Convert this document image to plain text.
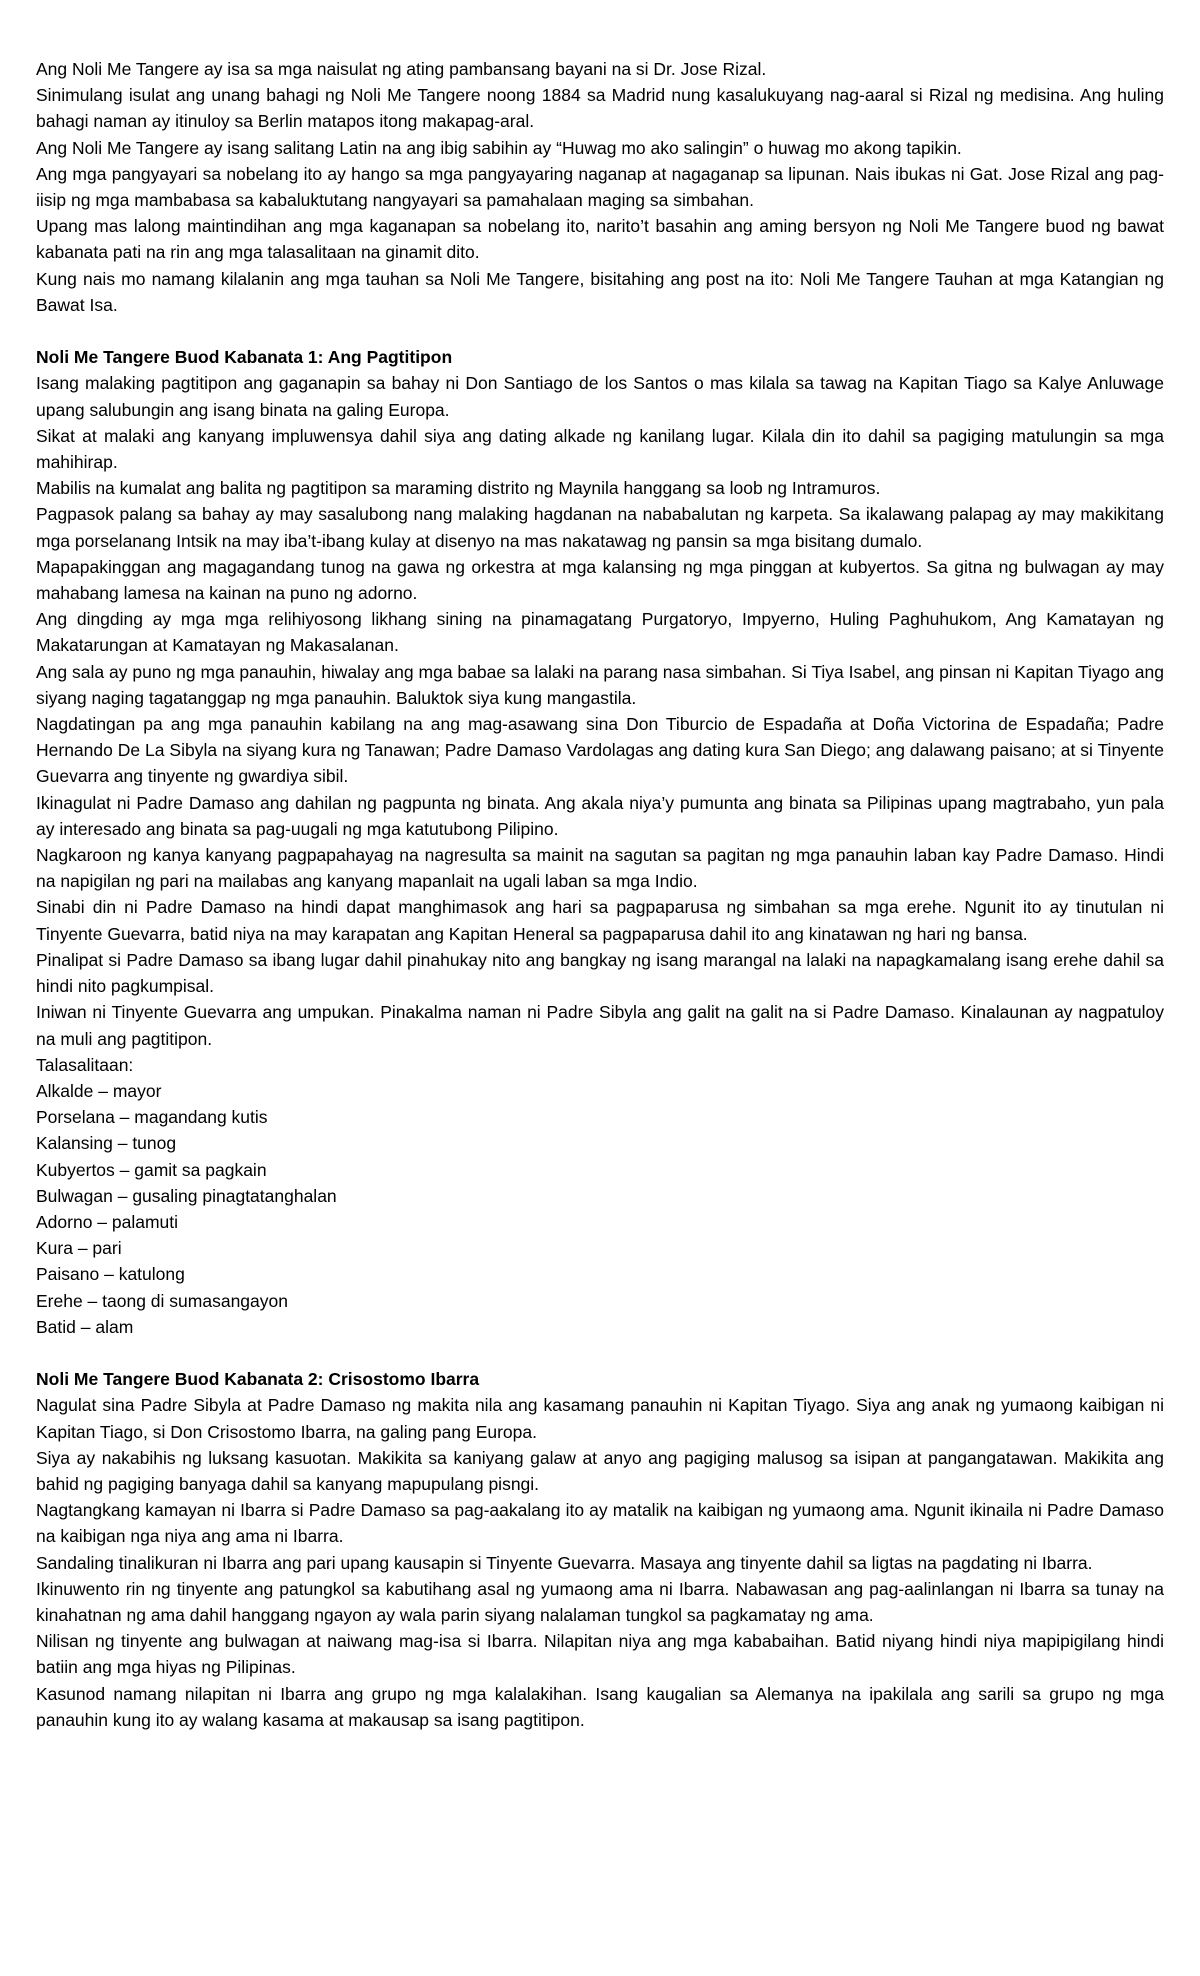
Ang Noli Me Tangere ay isa sa mga naisulat ng ating pambansang bayani na si Dr. Jose Rizal.

Sinimulang isulat ang unang bahagi ng Noli Me Tangere noong 1884 sa Madrid nung kasalukuyang nag-aaral si Rizal ng medisina. Ang huling bahagi naman ay itinuloy sa Berlin matapos itong makapag-aral.

Ang Noli Me Tangere ay isang salitang Latin na ang ibig sabihin ay “Huwag mo ako salingin” o huwag mo akong tapikin.

Ang mga pangyayari sa nobelang ito ay hango sa mga pangyayaring naganap at nagaganap sa lipunan. Nais ibukas ni Gat. Jose Rizal ang pag-iisip ng mga mambabasa sa kabaluktutang nangyayari sa pamahalaan maging sa simbahan.

Upang mas lalong maintindihan ang mga kaganapan sa nobelang ito, narito’t basahin ang aming bersyon ng Noli Me Tangere buod ng bawat kabanata pati na rin ang mga talasalitaan na ginamit dito.

Kung nais mo namang kilalanin ang mga tauhan sa Noli Me Tangere, bisitahing ang post na ito: Noli Me Tangere Tauhan at mga Katangian ng Bawat Isa.

Noli Me Tangere Buod Kabanata 1: Ang Pagtitipon

Isang malaking pagtitipon ang gaganapin sa bahay ni Don Santiago de los Santos o mas kilala sa tawag na Kapitan Tiago sa Kalye Anluwage upang salubungin ang isang binata na galing Europa.

Sikat at malaki ang kanyang impluwensya dahil siya ang dating alkade ng kanilang lugar. Kilala din ito dahil sa pagiging matulungin sa mga mahihirap.

Mabilis na kumalat ang balita ng pagtitipon sa maraming distrito ng Maynila hanggang sa loob ng Intramuros.

Pagpasok palang sa bahay ay may sasalubong nang malaking hagdanan na nababalutan ng karpeta. Sa ikalawang palapag ay may makikitang mga porselanang Intsik na may iba’t-ibang kulay at disenyo na mas nakatawag ng pansin sa mga bisitang dumalo.

Mapapakinggan ang magagandang tunog na gawa ng orkestra at mga kalansing ng mga pinggan at kubyertos. Sa gitna ng bulwagan ay may mahabang lamesa na kainan na puno ng adorno.

Ang dingding ay mga mga relihiyosong likhang sining na pinamagatang Purgatoryo, Impyerno, Huling Paghuhukom, Ang Kamatayan ng Makatarungan at Kamatayan ng Makasalanan.

Ang sala ay puno ng mga panauhin, hiwalay ang mga babae sa lalaki na parang nasa simbahan. Si Tiya Isabel, ang pinsan ni Kapitan Tiyago ang siyang naging tagatanggap ng mga panauhin. Baluktok siya kung mangastila.

Nagdatingan pa ang mga panauhin kabilang na ang mag-asawang sina Don Tiburcio de Espadaña at Doña Victorina de Espadaña; Padre Hernando De La Sibyla na siyang kura ng Tanawan; Padre Damaso Vardolagas ang dating kura San Diego; ang dalawang paisano; at si Tinyente Guevarra ang tinyente ng gwardiya sibil.

Ikinagulat ni Padre Damaso ang dahilan ng pagpunta ng binata. Ang akala niya’y pumunta ang binata sa Pilipinas upang magtrabaho, yun pala ay interesado ang binata sa pag-uugali ng mga katutubong Pilipino.

Nagkaroon ng kanya kanyang pagpapahayag na nagresulta sa mainit na sagutan sa pagitan ng mga panauhin laban kay Padre Damaso. Hindi na napigilan ng pari na mailabas ang kanyang mapanlait na ugali laban sa mga Indio.

Sinabi din ni Padre Damaso na hindi dapat manghimasok ang hari sa pagpaparusa ng simbahan sa mga erehe. Ngunit ito ay tinutulan ni Tinyente Guevarra, batid niya na may karapatan ang Kapitan Heneral sa pagpaparusa dahil ito ang kinatawan ng hari ng bansa.

Pinalipat si Padre Damaso sa ibang lugar dahil pinahukay nito ang bangkay ng isang marangal na lalaki na napagkamalang isang erehe dahil sa hindi nito pagkumpisal.

Iniwan ni Tinyente Guevarra ang umpukan. Pinakalma naman ni Padre Sibyla ang galit na galit na si Padre Damaso. Kinalaunan ay nagpatuloy na muli ang pagtitipon.

Talasalitaan:

Alkalde – mayor
Porselana – magandang kutis
Kalansing – tunog
Kubyertos – gamit sa pagkain
Bulwagan – gusaling pinagtatanghalan
Adorno – palamuti
Kura – pari
Paisano – katulong
Erehe – taong di sumasangayon
Batid – alam
Noli Me Tangere Buod Kabanata 2: Crisostomo Ibarra

Nagulat sina Padre Sibyla at Padre Damaso ng makita nila ang kasamang panauhin ni Kapitan Tiyago. Siya ang anak ng yumaong kaibigan ni Kapitan Tiago, si Don Crisostomo Ibarra, na galing pang Europa.

Siya ay nakabihis ng luksang kasuotan. Makikita sa kaniyang galaw at anyo ang pagiging malusog sa isipan at pangangatawan. Makikita ang bahid ng pagiging banyaga dahil sa kanyang mapupulang pisngi.

Nagtangkang kamayan ni Ibarra si Padre Damaso sa pag-aakalang ito ay matalik na kaibigan ng yumaong ama. Ngunit ikinaila ni Padre Damaso na kaibigan nga niya ang ama ni Ibarra.

Sandaling tinalikuran ni Ibarra ang pari upang kausapin si Tinyente Guevarra. Masaya ang tinyente dahil sa ligtas na pagdating ni Ibarra.

Ikinuwento rin ng tinyente ang patungkol sa kabutihang asal ng yumaong ama ni Ibarra. Nabawasan ang pag-aalinlangan ni Ibarra sa tunay na kinahatnan ng ama dahil hanggang ngayon ay wala parin siyang nalalaman tungkol sa pagkamatay ng ama.

Nilisan ng tinyente ang bulwagan at naiwang mag-isa si Ibarra. Nilapitan niya ang mga kababaihan. Batid niyang hindi niya mapipigilang hindi batiin ang mga hiyas ng Pilipinas.

Kasunod namang nilapitan ni Ibarra ang grupo ng mga kalalakihan. Isang kaugalian sa Alemanya na ipakilala ang sarili sa grupo ng mga panauhin kung ito ay walang kasama at makausap sa isang pagtitipon.
